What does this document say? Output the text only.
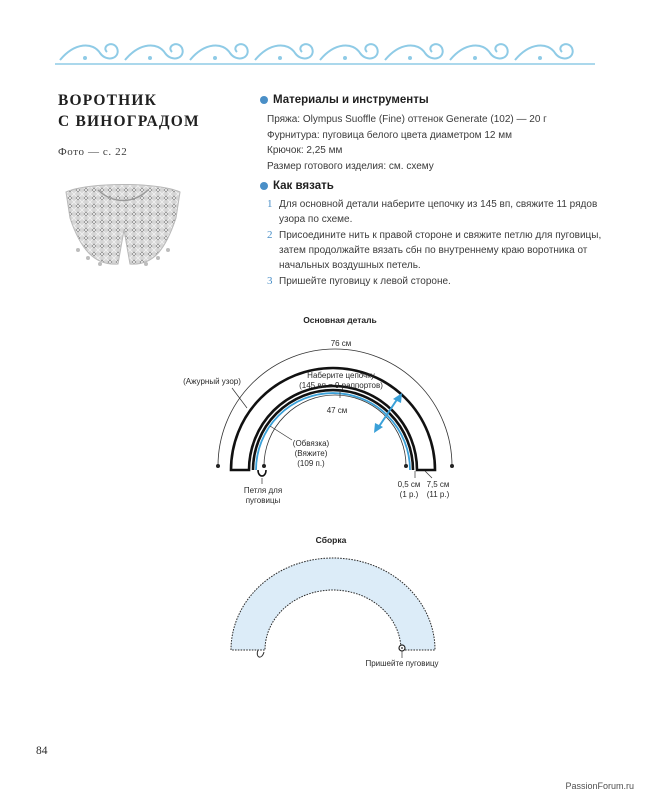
ВОРОТНИК
С ВИНОГРАДОМ
Фото — с. 22
Материалы и инструменты
Пряжа: Olympus Suoffle (Fine) оттенок Generate (102) — 20 г
Фурнитура: пуговица белого цвета диаметром 12 мм
Крючок: 2,25 мм
Размер готового изделия: см. схему
Как вязать
1 Для основной детали наберите цепочку из 145 вп, свяжите 11 рядов
узора по схеме.
2 Присоедините нить к правой стороне и свяжите петлю для пуговицы,
затем продолжайте вязать сбн по внутреннему краю воротника от
начальных воздушных петель.
3 Пришейте пуговицу к левой стороне.
Основная деталь
76 см
(Ажурный узор)
Наберите цепочку
(145 вп = 9 раппортов)
47 см
(Обвязка)
(Вяжите)
(109 п.)
Петля для
пуговицы
0,5 см
(1 р.)
7,5 см
(11 р.)
Сборка
Пришейте пуговицу
84
PassionForum.ru
